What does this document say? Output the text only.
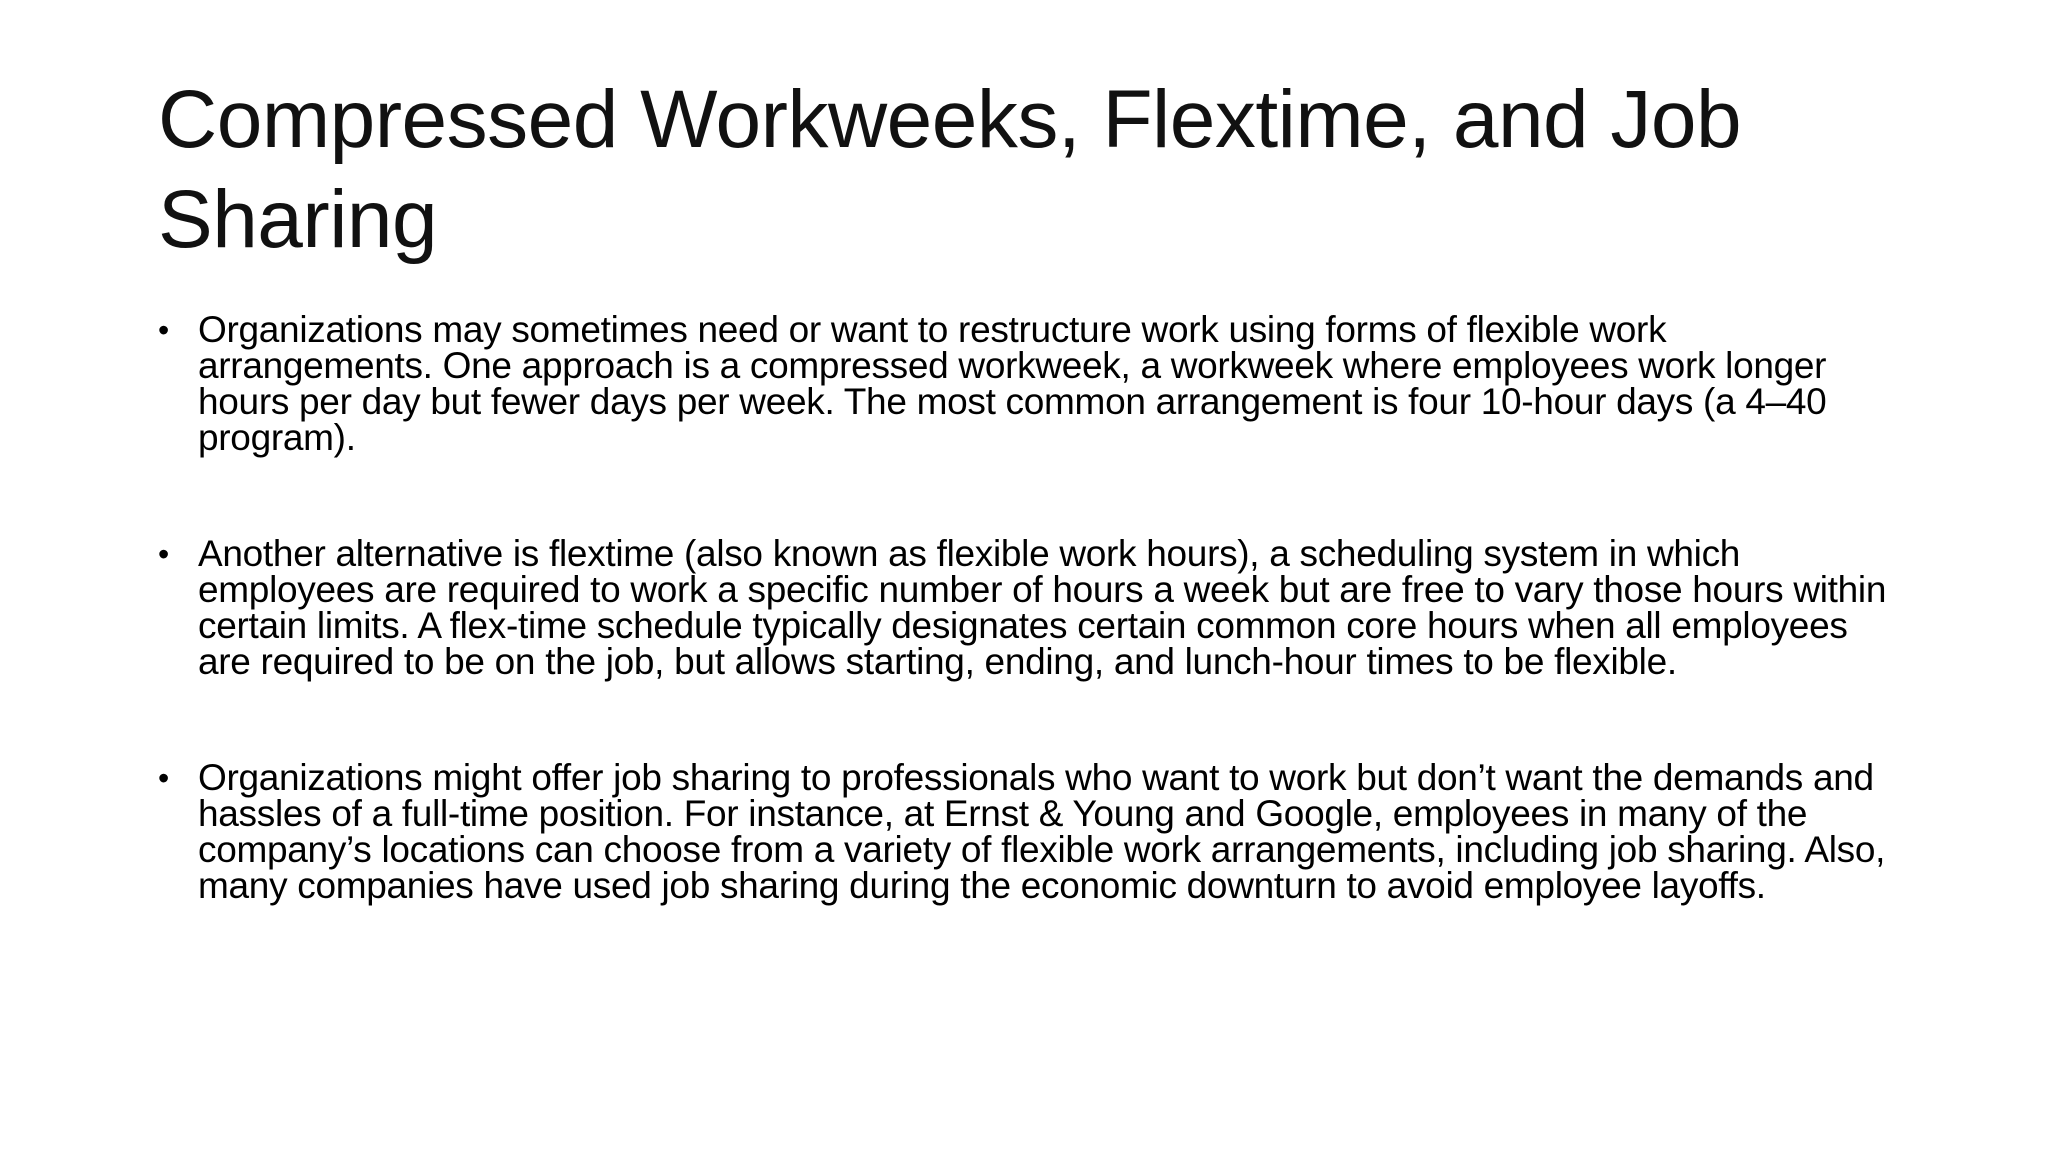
Compressed Workweeks, Flextime, and Job Sharing
• Organizations may sometimes need or want to restructure work using forms of flexible work arrangements. One approach is a compressed workweek, a workweek where employees work longer hours per day but fewer days per week. The most common arrangement is four 10-hour days (a 4–40 program).
• Another alternative is flextime (also known as flexible work hours), a scheduling system in which employees are required to work a specific number of hours a week but are free to vary those hours within certain limits. A flex-time schedule typically designates certain common core hours when all employees are required to be on the job, but allows starting, ending, and lunch-hour times to be flexible.
• Organizations might offer job sharing to professionals who want to work but don’t want the demands and hassles of a full-time position. For instance, at Ernst & Young and Google, employees in many of the company’s locations can choose from a variety of flexible work arrangements, including job sharing. Also, many companies have used job sharing during the economic downturn to avoid employee layoffs.
